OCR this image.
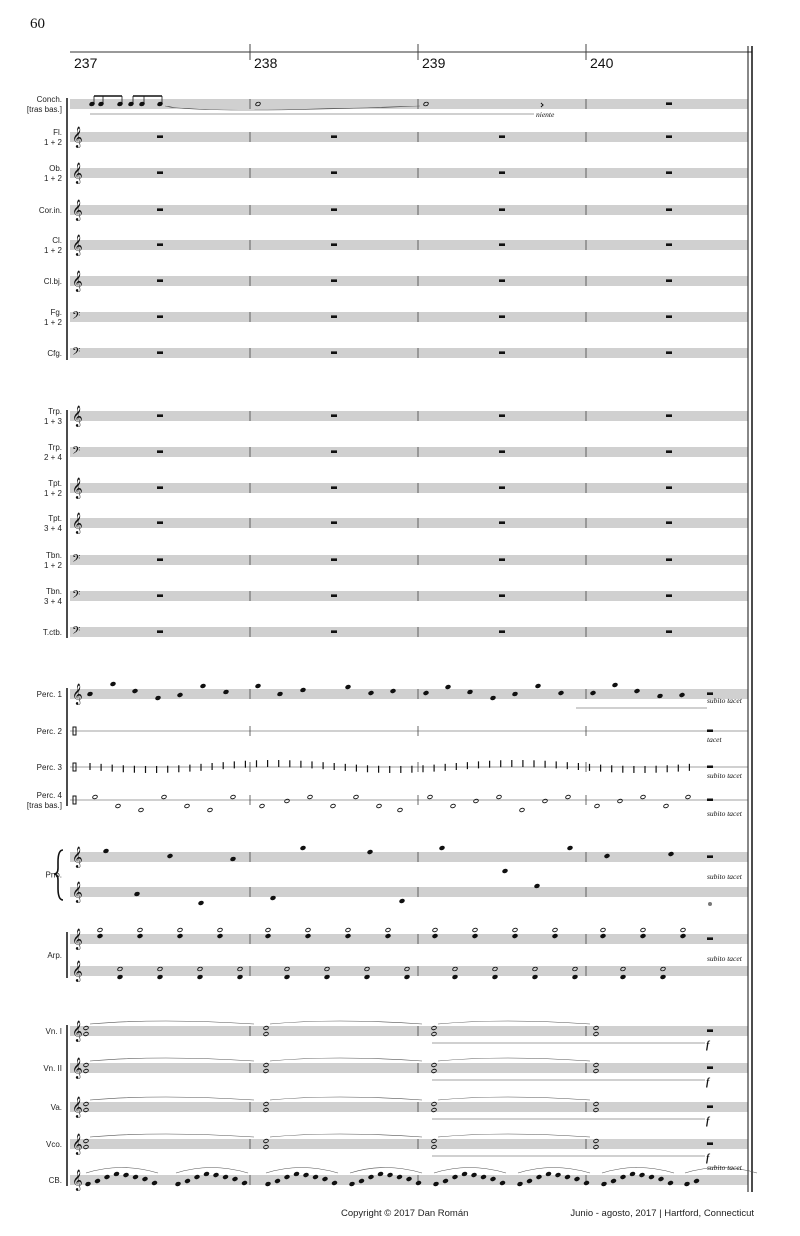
60
237	238	239	240
Conch.
[tras bas.]
niente
Fl.
1 + 2 𝄞
Ob.
1 + 2 𝄞
Cor.in. 𝄞
Cl.
1 + 2 𝄞
Cl.bj. 𝄞
Fg.
1 + 2 𝄢
Cfg. 𝄢
Trp.
1 + 3 𝄞
Trp.
2 + 4 𝄢
Tpt.
1 + 2 𝄞
Tpt.
3 + 4 𝄞
Tbn.
1 + 2 𝄢
Tbn.
3 + 4 𝄢
T.ctb. 𝄢
Perc. 1 𝄞	subito tacet
Perc. 2
tacet
Perc. 3
subito tacet
Perc. 4
[tras bas.]
subito tacet
Pno.
𝄞
𝄞
subito tacet
Arp.
𝄞
𝄞
subito tacet
Vn. I 𝄞
f
Vn. II 𝄞
f
Va. 𝄞
f
Vco. 𝄞
f
CB. 𝄞
subito tacet
Copyright © 2017 Dan Román	Junio - agosto, 2017 | Hartford, Connecticut
